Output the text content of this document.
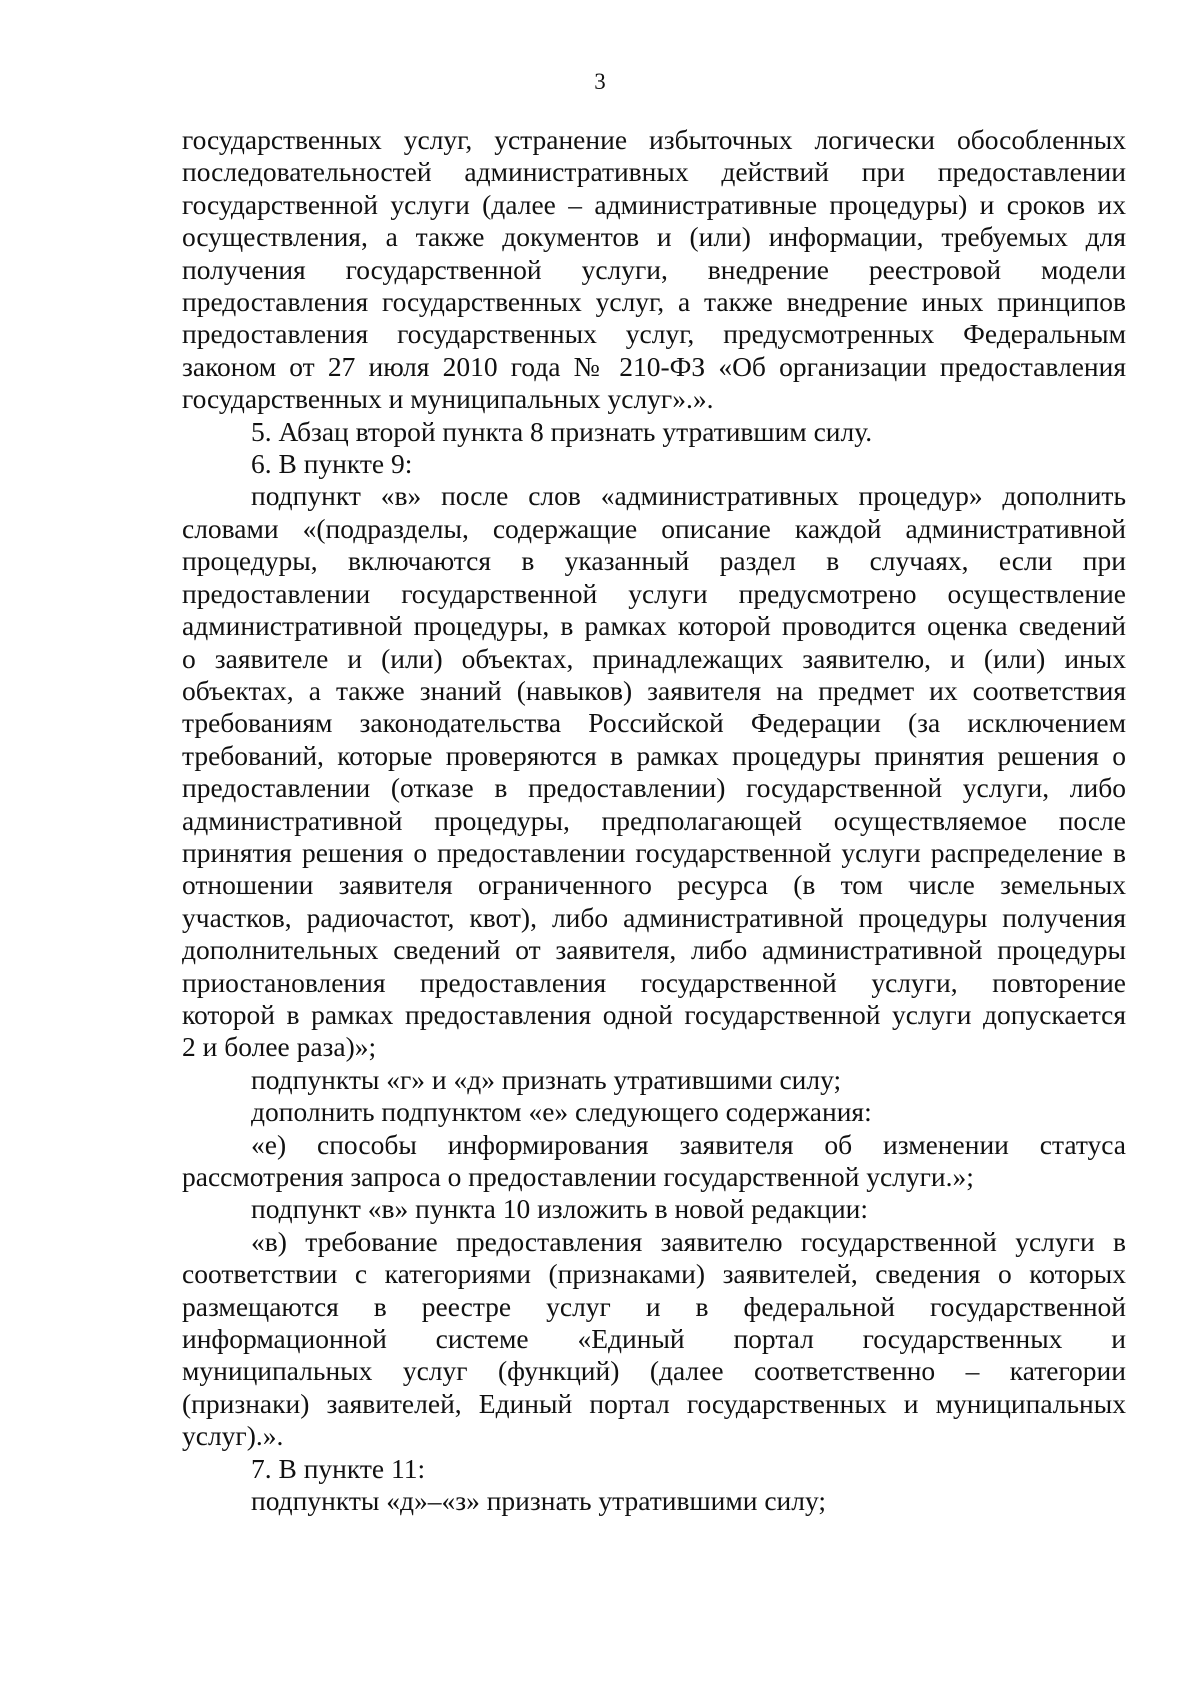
3
государственных услуг, устранение избыточных логически обособленных
последовательностей административных действий при предоставлении
государственной услуги (далее – административные процедуры) и сроков их
осуществления, а также документов и (или) информации, требуемых для
получения государственной услуги, внедрение реестровой модели
предоставления государственных услуг, а также внедрение иных принципов
предоставления государственных услуг, предусмотренных Федеральным
законом от 27 июля 2010 года № 210-ФЗ «Об организации предоставления
государственных и муниципальных услуг».».
5. Абзац второй пункта 8 признать утратившим силу.
6. В пункте 9:
подпункт «в» после слов «административных процедур» дополнить
словами «(подразделы, содержащие описание каждой административной
процедуры, включаются в указанный раздел в случаях, если при
предоставлении государственной услуги предусмотрено осуществление
административной процедуры, в рамках которой проводится оценка сведений
о заявителе и (или) объектах, принадлежащих заявителю, и (или) иных
объектах, а также знаний (навыков) заявителя на предмет их соответствия
требованиям законодательства Российской Федерации (за исключением
требований, которые проверяются в рамках процедуры принятия решения о
предоставлении (отказе в предоставлении) государственной услуги, либо
административной процедуры, предполагающей осуществляемое после
принятия решения о предоставлении государственной услуги распределение в
отношении заявителя ограниченного ресурса (в том числе земельных
участков, радиочастот, квот), либо административной процедуры получения
дополнительных сведений от заявителя, либо административной процедуры
приостановления предоставления государственной услуги, повторение
которой в рамках предоставления одной государственной услуги допускается
2 и более раза)»;
подпункты «г» и «д» признать утратившими силу;
дополнить подпунктом «е» следующего содержания:
«е) способы информирования заявителя об изменении статуса
рассмотрения запроса о предоставлении государственной услуги.»;
подпункт «в» пункта 10 изложить в новой редакции:
«в) требование предоставления заявителю государственной услуги в
соответствии с категориями (признаками) заявителей, сведения о которых
размещаются в реестре услуг и в федеральной государственной
информационной системе «Единый портал государственных и
муниципальных услуг (функций) (далее соответственно – категории
(признаки) заявителей, Единый портал государственных и муниципальных
услуг).».
7. В пункте 11:
подпункты «д»–«з» признать утратившими силу;
